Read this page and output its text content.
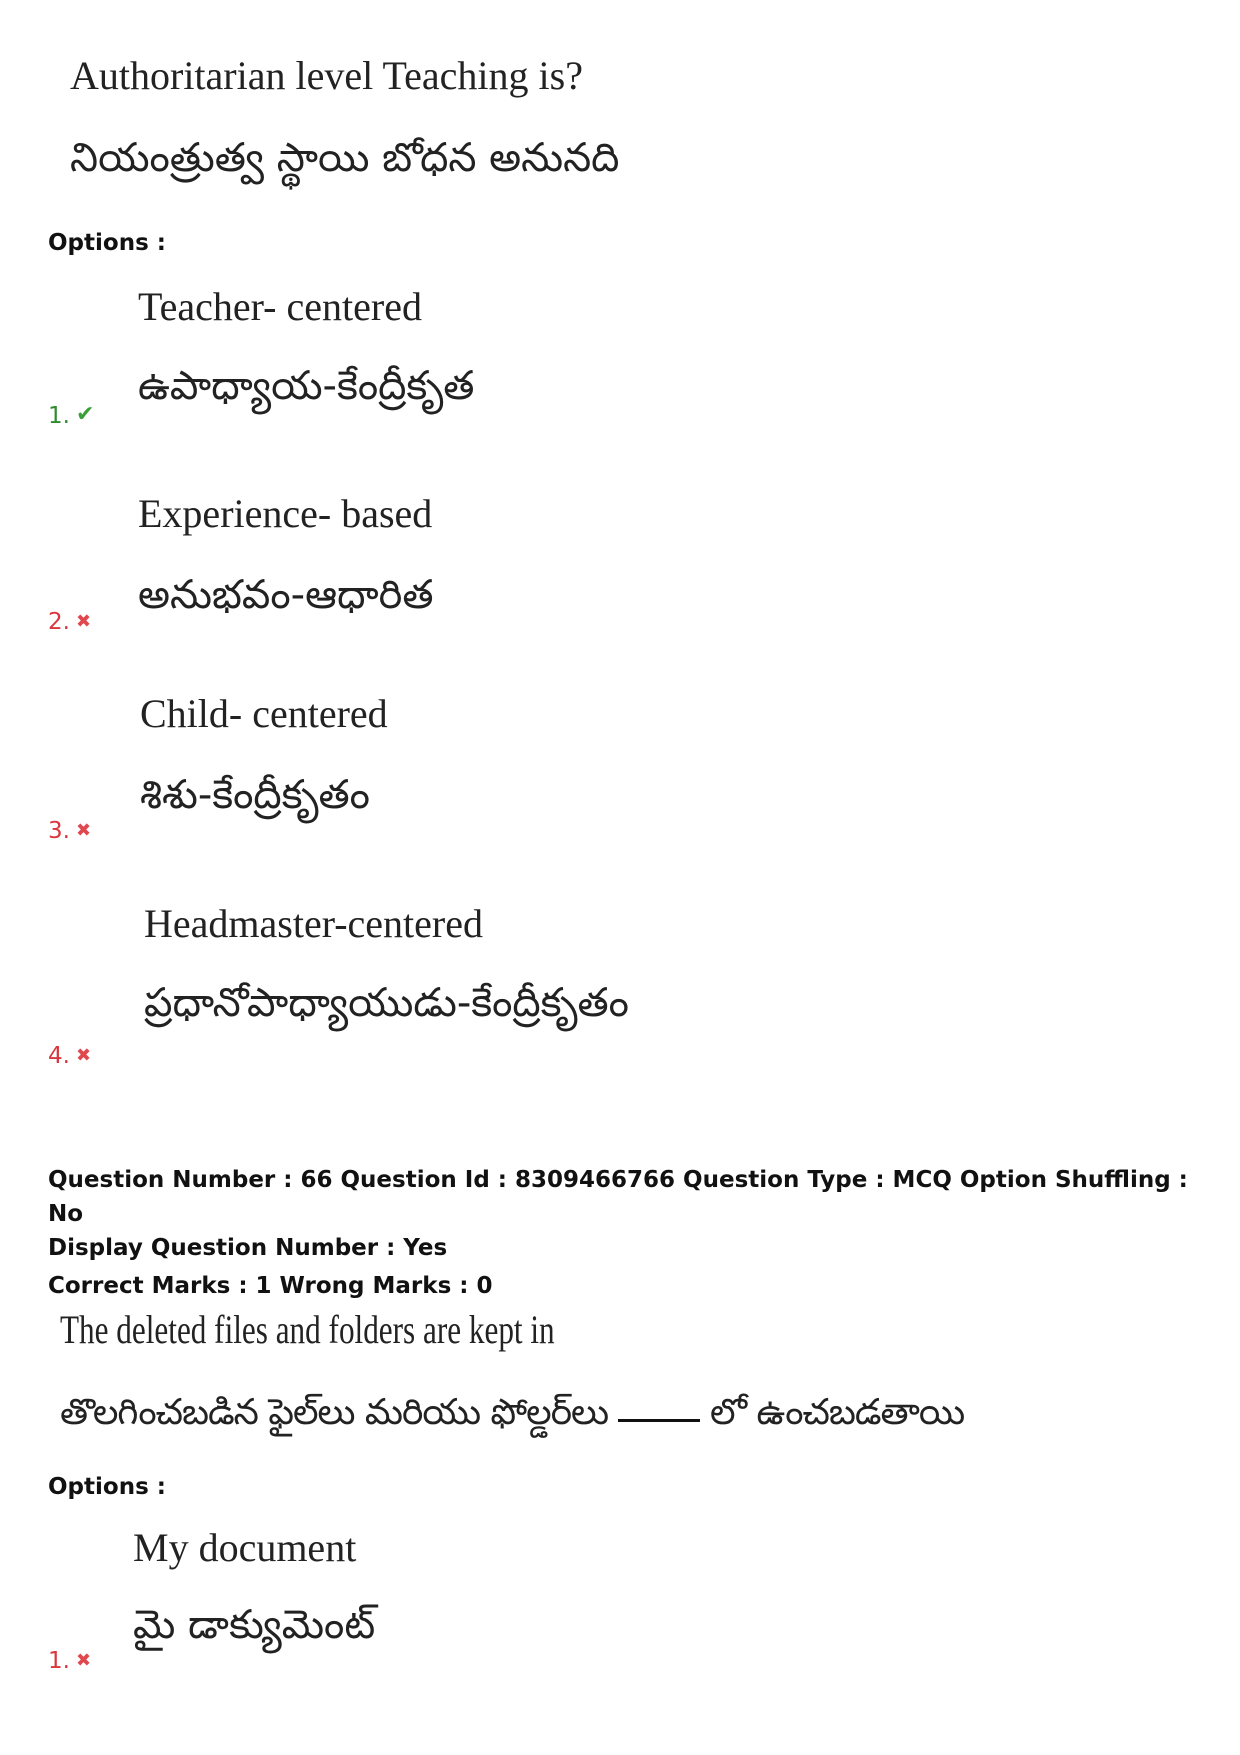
Authoritarian level Teaching is?
నియంత్రుత్వ స్థాయి బోధన అనునది
Options :
Teacher- centered
ఉపాధ్యాయ-కేంద్రీకృత
1. ✔
Experience- based
అనుభవం-ఆధారిత
2. ✖
Child- centered
శిశు-కేంద్రీకృతం
3. ✖
Headmaster-centered
ప్రధానోపాధ్యాయుడు-కేంద్రీకృతం
4. ✖
Question Number : 66 Question Id : 8309466766 Question Type : MCQ Option Shuffling : No
Display Question Number : Yes
Correct Marks : 1 Wrong Marks : 0
The deleted files and folders are kept in
తొలగించబడిన ఫైల్‌లు మరియు ఫోల్డర్‌లు	లో ఉంచబడతాయి
Options :
My document
మై డాక్యుమెంట్
1. ✖
